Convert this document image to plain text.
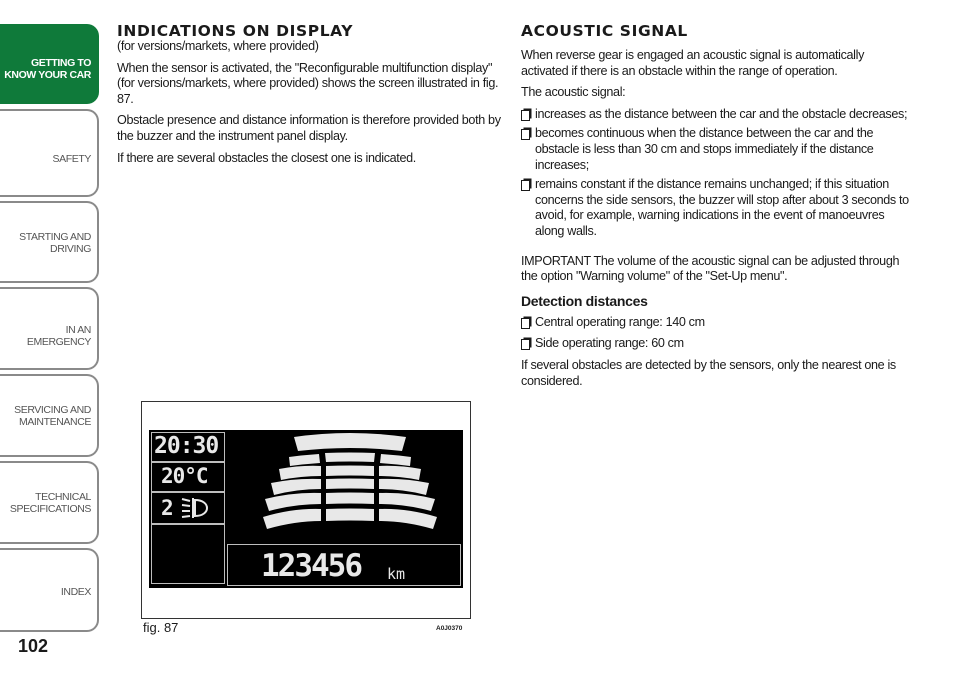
GETTING TO
KNOW YOUR CAR
SAFETY
STARTING AND
DRIVING
IN AN EMERGENCY
SERVICING AND
MAINTENANCE
TECHNICAL
SPECIFICATIONS
INDEX
102
INDICATIONS ON DISPLAY

(for versions/markets, where provided)

When the sensor is activated, the "Reconfigurable multifunction display" (for versions/markets, where provided) shows the screen illustrated in fig. 87.

Obstacle presence and distance information is therefore provided both by the buzzer and the instrument panel display.

If there are several obstacles the closest one is indicated.

20:30
20°C
2
123456 km
fig. 87	A0J0370
ACOUSTIC SIGNAL

When reverse gear is engaged an acoustic signal is automatically activated if there is an obstacle within the range of operation.

The acoustic signal:

increases as the distance between the car and the obstacle decreases;
becomes continuous when the distance between the car and the obstacle is less than 30 cm and stops immediately if the distance increases;
remains constant if the distance remains unchanged; if this situation concerns the side sensors, the buzzer will stop after about 3 seconds to avoid, for example, warning indications in the event of manoeuvres along walls.

IMPORTANT The volume of the acoustic signal can be adjusted through the option "Warning volume" of the "Set-Up menu".

Detection distances
Central operating range: 140 cm
Side operating range: 60 cm

If several obstacles are detected by the sensors, only the nearest one is considered.
